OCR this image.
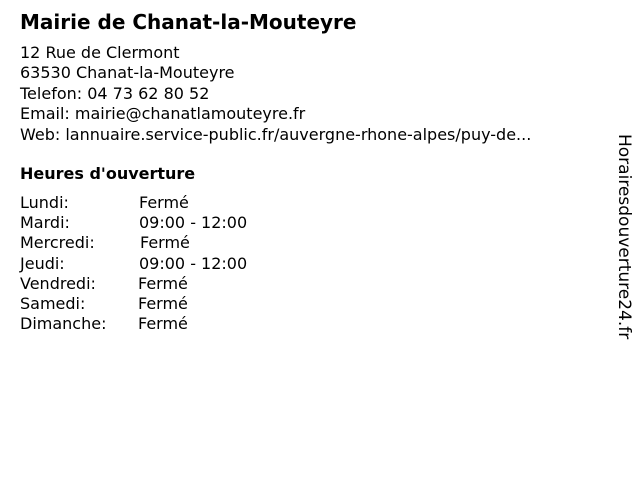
Mairie de Chanat-la-Mouteyre
12 Rue de Clermont
63530 Chanat-la-Mouteyre
Telefon: 04 73 62 80 52
Email: mairie@chanatlamouteyre.fr
Web: lannuaire.service-public.fr/auvergne-rhone-alpes/puy-de...
Heures d'ouverture
Lundi:	Fermé
Mardi:	09:00 - 12:00
Mercredi:	Fermé
Jeudi:	09:00 - 12:00
Vendredi:	Fermé
Samedi:	Fermé
Dimanche: Fermé	Horairesdouverture24.fr
